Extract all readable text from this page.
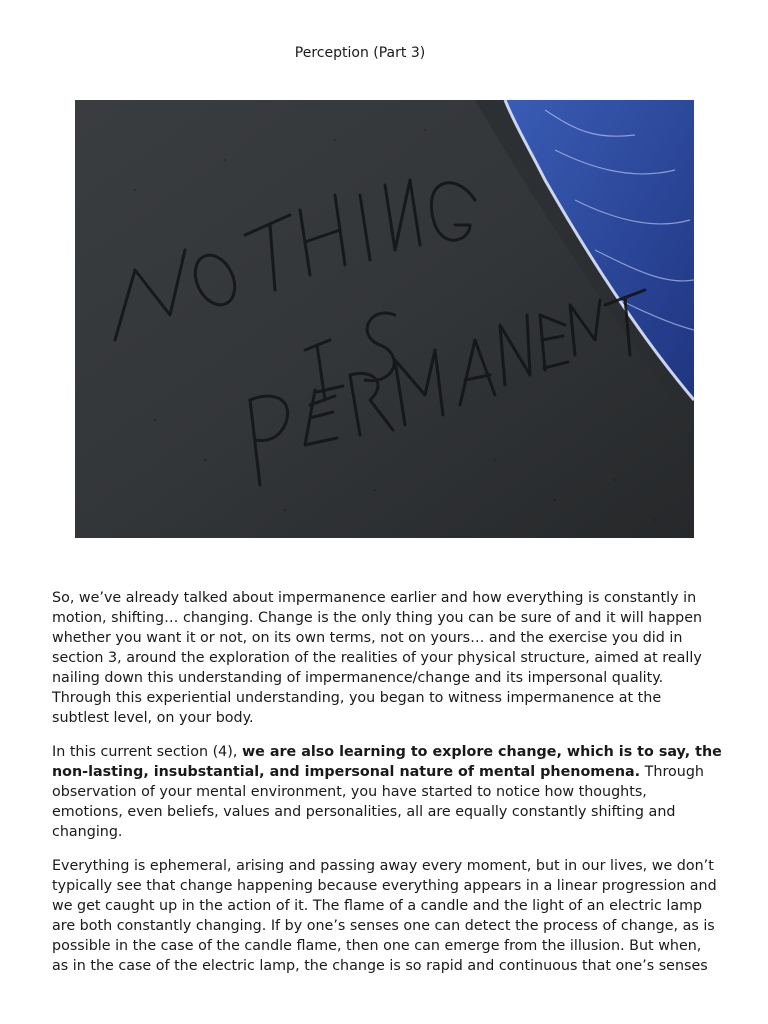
Perception (Part 3)

So, we’ve already talked about impermanence earlier and how everything is constantly in motion, shifting… changing. Change is the only thing you can be sure of and it will happen whether you want it or not, on its own terms, not on yours… and the exercise you did in section 3, around the exploration of the realities of your physical structure, aimed at really nailing down this understanding of impermanence/change and its impersonal quality. Through this experiential understanding, you began to witness impermanence at the subtlest level, on your body.

In this current section (4), we are also learning to explore change, which is to say, the non-lasting, insubstantial, and impersonal nature of mental phenomena. Through observation of your mental environment, you have started to notice how thoughts, emotions, even beliefs, values and personalities, all are equally constantly shifting and changing.

Everything is ephemeral, arising and passing away every moment, but in our lives, we don’t typically see that change happening because everything appears in a linear progression and we get caught up in the action of it. The flame of a candle and the light of an electric lamp are both constantly changing. If by one’s senses one can detect the process of change, as is possible in the case of the candle flame, then one can emerge from the illusion. But when, as in the case of the electric lamp, the change is so rapid and continuous that one’s senses
